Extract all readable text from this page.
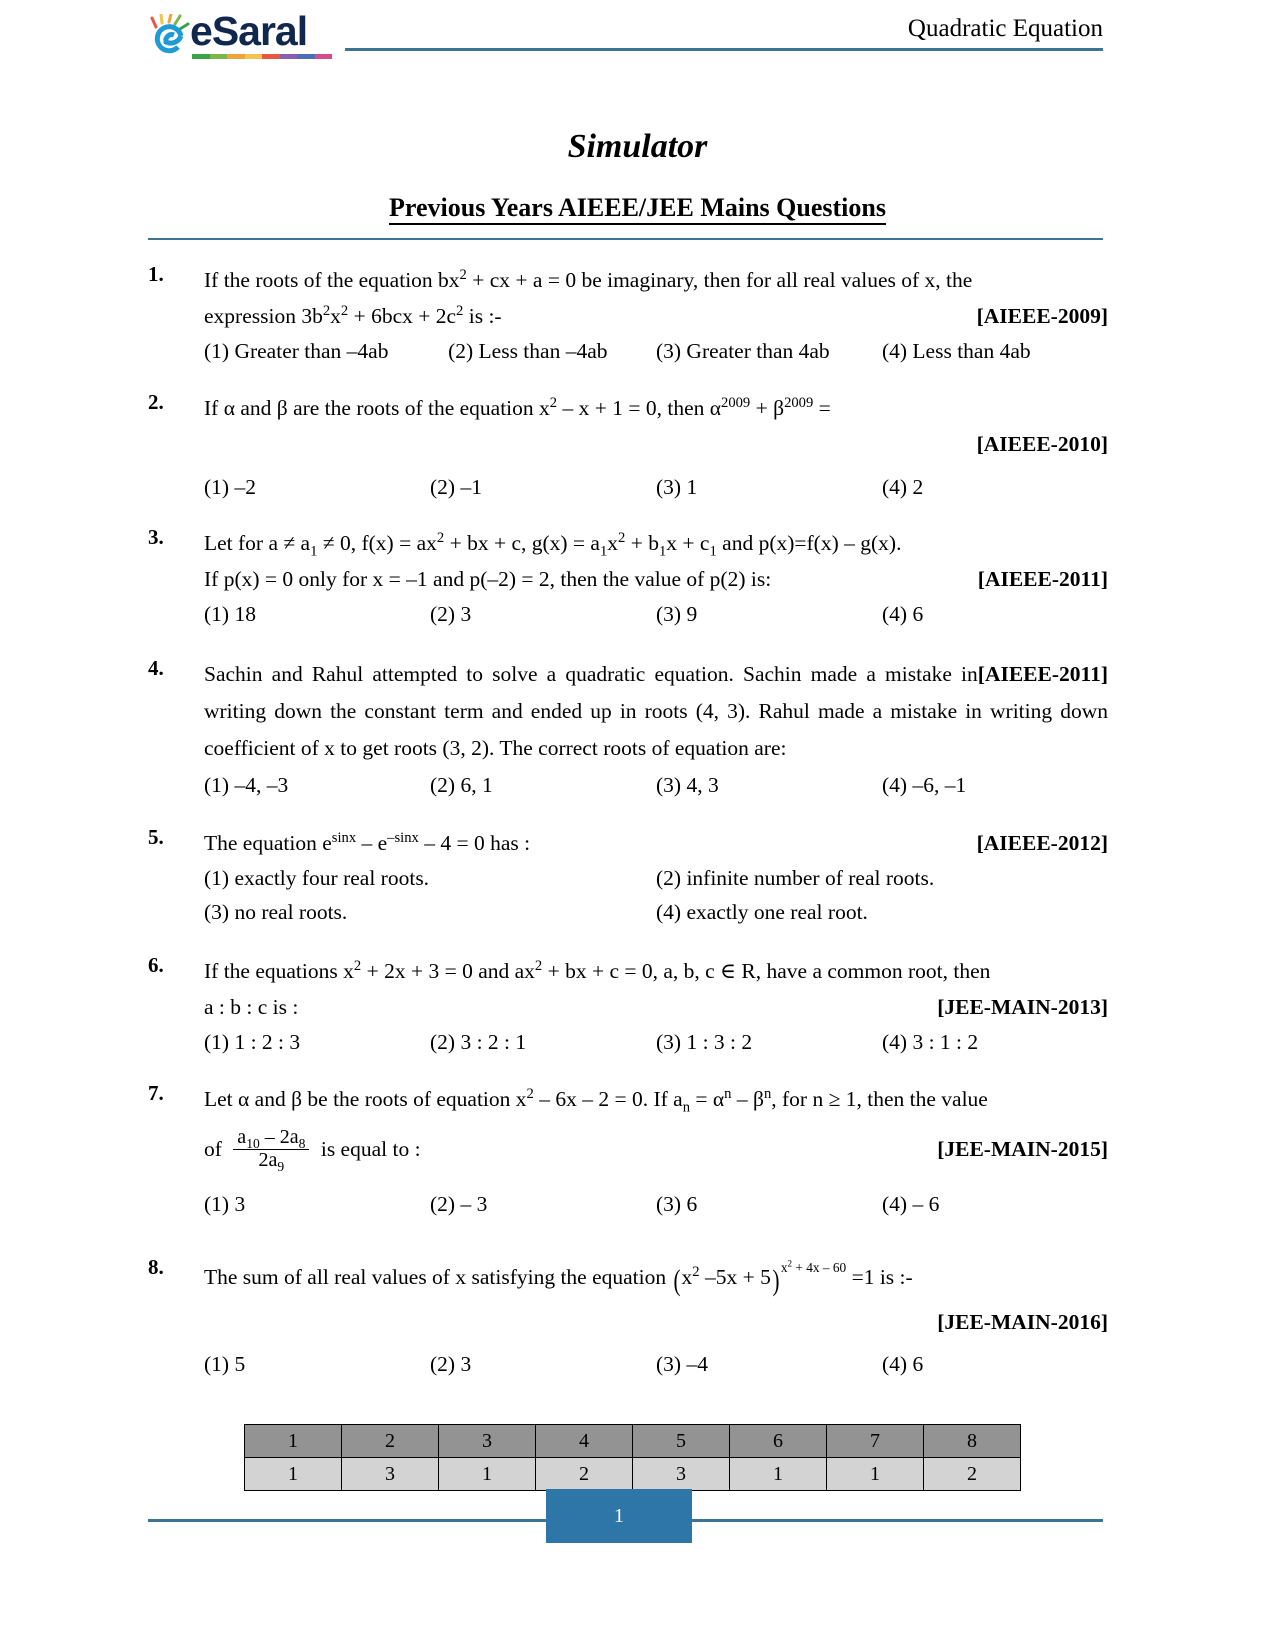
eSaral	Quadratic Equation
Simulator
Previous Years AIEEE/JEE Mains Questions
1.	If the roots of the equation $bx^2$ + cx + a = 0 be imaginary, then for all real values of x, the
[AIEEE-2009]
expression $3b^2x^2 + 6bcx + 2c^2$ is :-
(1) Greater than –4ab	(2) Less than –4ab	(3) Greater than 4ab	(4) Less than 4ab
2.	If α and β are the roots of the equation $x^2 - x + 1 = 0$, then $\alpha^{2009} + \beta^{2009}$ =
[AIEEE-2010]
(1) –2	(2) –1	(3) 1	(4) 2
3.	Let for $a \ne a_1 \ne 0$, $f(x) = ax^2$ + bx + c, $g(x) = a_1x^2 + b_1x + c_1$ and p(x)=f(x) – g(x).
[AIEEE-2011]
If p(x) = 0 only for x = –1 and p(–2) = 2, then the value of p(2) is:
(1) 18	(2) 3	(3) 9	(4) 6
4.	[AIEEE-2011]
Sachin and Rahul attempted to solve a quadratic equation. Sachin made a mistake in writing down the constant term and ended up in roots (4, 3). Rahul made a mistake in writing down coefficient of x to get roots (3, 2). The correct roots of equation are:
(1) –4, –3	(2) 6, 1	(3) 4, 3	(4) –6, –1
5.	[AIEEE-2012]
The equation $e^{sinx} - e^{-sinx} - 4 = 0$ has :
(1) exactly four real roots.	(2) infinite number of real roots.
(3) no real roots.	(4) exactly one real root.
6.	If the equations $x^2 + 2x + 3 = 0$ and $ax^2$ + bx + c = 0, a, b, c ∈ R, have a common root, then
[JEE-MAIN-2013]
a : b : c is :
(1) 1 : 2 : 3	(2) 3 : 2 : 1	(3) 1 : 3 : 2	(4) 3 : 1 : 2
7.	Let α and β be the roots of equation $x^2 - 6x - 2 = 0$. If $a_n = \alpha^n - \beta^n$, for n ≥ 1, then the value
[JEE-MAIN-2015]
of $\frac{a_{10} - 2a_8}{2a_9}$ is equal to :
(1) 3	(2) – 3	(3) 6	(4) – 6
8.	The sum of all real values of x satisfying the equation ($x^2$ –5x + 5) $^{x^2 + 4x - 60}$ =1 is :-
[JEE-MAIN-2016]
(1) 5	(2) 3	(3) –4	(4) 6
1	2	3	4	5	6	7	8
1	3	1	2	3	1	1	2
1
